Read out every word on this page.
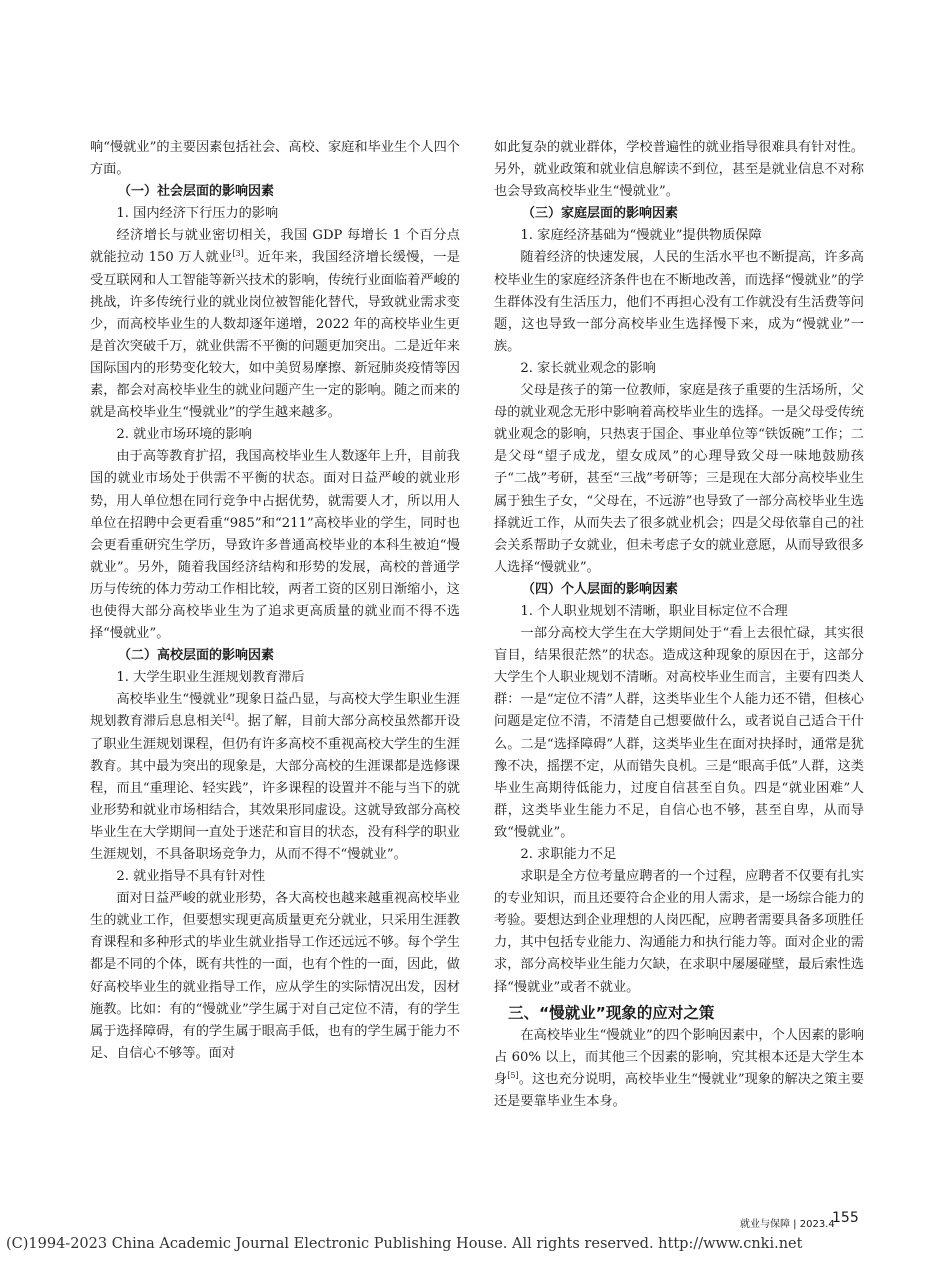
响“慢就业”的主要因素包括社会、高校、家庭和毕业生个人四个方面。

（一）社会层面的影响因素

1. 国内经济下行压力的影响

经济增长与就业密切相关，我国 GDP 每增长 1 个百分点就能拉动 150 万人就业[3]。近年来，我国经济增长缓慢，一是受互联网和人工智能等新兴技术的影响，传统行业面临着严峻的挑战，许多传统行业的就业岗位被智能化替代，导致就业需求变少，而高校毕业生的人数却逐年递增，2022 年的高校毕业生更是首次突破千万，就业供需不平衡的问题更加突出。二是近年来国际国内的形势变化较大，如中美贸易摩擦、新冠肺炎疫情等因素，都会对高校毕业生的就业问题产生一定的影响。随之而来的就是高校毕业生“慢就业”的学生越来越多。

2. 就业市场环境的影响

由于高等教育扩招，我国高校毕业生人数逐年上升，目前我国的就业市场处于供需不平衡的状态。面对日益严峻的就业形势，用人单位想在同行竞争中占据优势，就需要人才，所以用人单位在招聘中会更看重“985”和“211”高校毕业的学生，同时也会更看重研究生学历，导致许多普通高校毕业的本科生被迫“慢就业”。另外，随着我国经济结构和形势的发展，高校的普通学历与传统的体力劳动工作相比较，两者工资的区别日渐缩小，这也使得大部分高校毕业生为了追求更高质量的就业而不得不选择“慢就业”。

（二）高校层面的影响因素

1. 大学生职业生涯规划教育滞后

高校毕业生“慢就业”现象日益凸显，与高校大学生职业生涯规划教育滞后息息相关[4]。据了解，目前大部分高校虽然都开设了职业生涯规划课程，但仍有许多高校不重视高校大学生的生涯教育。其中最为突出的现象是，大部分高校的生涯课都是选修课程，而且“重理论、轻实践”，许多课程的设置并不能与当下的就业形势和就业市场相结合，其效果形同虚设。这就导致部分高校毕业生在大学期间一直处于迷茫和盲目的状态，没有科学的职业生涯规划，不具备职场竞争力，从而不得不“慢就业”。

2. 就业指导不具有针对性

面对日益严峻的就业形势，各大高校也越来越重视高校毕业生的就业工作，但要想实现更高质量更充分就业，只采用生涯教育课程和多种形式的毕业生就业指导工作还远远不够。每个学生都是不同的个体，既有共性的一面，也有个性的一面，因此，做好高校毕业生的就业指导工作，应从学生的实际情况出发，因材施教。比如：有的“慢就业”学生属于对自己定位不清，有的学生属于选择障碍，有的学生属于眼高手低，也有的学生属于能力不足、自信心不够等。面对

如此复杂的就业群体，学校普遍性的就业指导很难具有针对性。另外，就业政策和就业信息解读不到位，甚至是就业信息不对称也会导致高校毕业生“慢就业”。

（三）家庭层面的影响因素

1. 家庭经济基础为“慢就业”提供物质保障

随着经济的快速发展，人民的生活水平也不断提高，许多高校毕业生的家庭经济条件也在不断地改善，而选择“慢就业”的学生群体没有生活压力，他们不再担心没有工作就没有生活费等问题，这也导致一部分高校毕业生选择慢下来，成为“慢就业”一族。

2. 家长就业观念的影响

父母是孩子的第一位教师，家庭是孩子重要的生活场所，父母的就业观念无形中影响着高校毕业生的选择。一是父母受传统就业观念的影响，只热衷于国企、事业单位等“铁饭碗”工作；二是父母“望子成龙，望女成凤”的心理导致父母一味地鼓励孩子“二战”考研，甚至“三战”考研等；三是现在大部分高校毕业生属于独生子女，“父母在，不远游”也导致了一部分高校毕业生选择就近工作，从而失去了很多就业机会；四是父母依靠自己的社会关系帮助子女就业，但未考虑子女的就业意愿，从而导致很多人选择“慢就业”。

（四）个人层面的影响因素

1. 个人职业规划不清晰，职业目标定位不合理

一部分高校大学生在大学期间处于“看上去很忙碌，其实很盲目，结果很茫然”的状态。造成这种现象的原因在于，这部分大学生个人职业规划不清晰。对高校毕业生而言，主要有四类人群：一是“定位不清”人群，这类毕业生个人能力还不错，但核心问题是定位不清，不清楚自己想要做什么，或者说自己适合干什么。二是“选择障碍”人群，这类毕业生在面对抉择时，通常是犹豫不决，摇摆不定，从而错失良机。三是“眼高手低”人群，这类毕业生高期待低能力，过度自信甚至自负。四是“就业困难”人群，这类毕业生能力不足，自信心也不够，甚至自卑，从而导致“慢就业”。

2. 求职能力不足

求职是全方位考量应聘者的一个过程，应聘者不仅要有扎实的专业知识，而且还要符合企业的用人需求，是一场综合能力的考验。要想达到企业理想的人岗匹配，应聘者需要具备多项胜任力，其中包括专业能力、沟通能力和执行能力等。面对企业的需求，部分高校毕业生能力欠缺，在求职中屡屡碰壁，最后索性选择“慢就业”或者不就业。

三、“慢就业”现象的应对之策

在高校毕业生“慢就业”的四个影响因素中，个人因素的影响占 60% 以上，而其他三个因素的影响，究其根本还是大学生本身[5]。这也充分说明，高校毕业生“慢就业”现象的解决之策主要还是要靠毕业生本身。

就业与保障 | 2023.4
155
(C)1994-2023 China Academic Journal Electronic Publishing House. All rights reserved. http://www.cnki.net
